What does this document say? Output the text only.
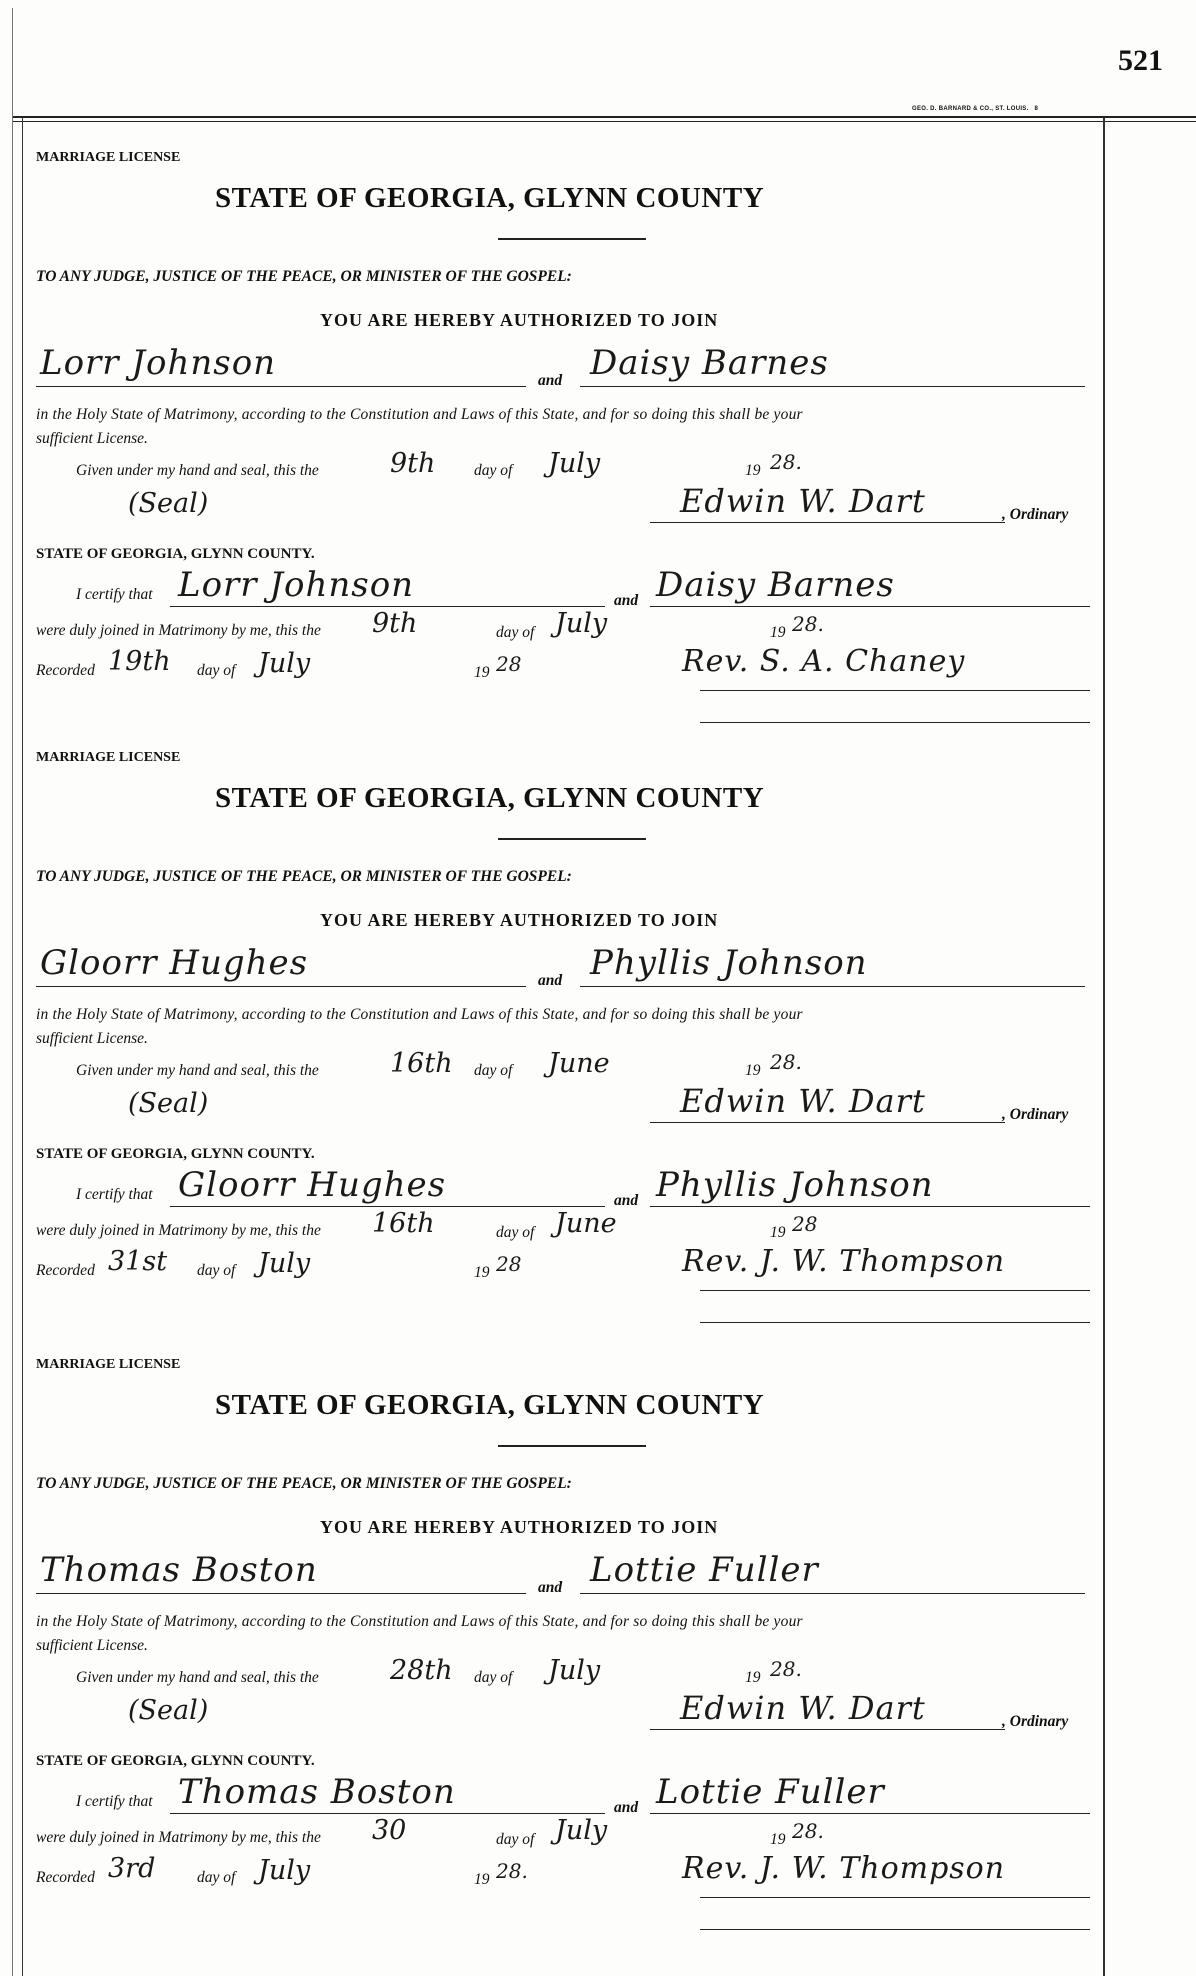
521
GEO. D. BARNARD & CO., ST. LOUIS. 8
MARRIAGE LICENSE
STATE OF GEORGIA, GLYNN COUNTY
TO ANY JUDGE, JUSTICE OF THE PEACE, OR MINISTER OF THE GOSPEL:
YOU ARE HEREBY AUTHORIZED TO JOIN
Lorr Johnson	and Daisy Barnes
in the Holy State of Matrimony, according to the Constitution and Laws of this State, and for so doing this shall be your
sufficient License.
Given under my hand and seal, this the	9th day of July	19 28.
(Seal)	Edwin W. Dart	, Ordinary
STATE OF GEORGIA, GLYNN COUNTY.
I certify that Lorr Johnson	and Daisy Barnes
were duly joined in Matrimony by me, this the 9th	day of July	19 28.
Recorded 19th day of July	19 28	Rev. S. A. Chaney
MARRIAGE LICENSE
STATE OF GEORGIA, GLYNN COUNTY
TO ANY JUDGE, JUSTICE OF THE PEACE, OR MINISTER OF THE GOSPEL:
YOU ARE HEREBY AUTHORIZED TO JOIN
Gloorr Hughes	and Phyllis Johnson
in the Holy State of Matrimony, according to the Constitution and Laws of this State, and for so doing this shall be your
sufficient License.
Given under my hand and seal, this the	16th day of June	19 28.
(Seal)	Edwin W. Dart	, Ordinary
STATE OF GEORGIA, GLYNN COUNTY.
I certify that Gloorr Hughes	and Phyllis Johnson
were duly joined in Matrimony by me, this the 16th	day of June	19 28
Recorded 31st day of July	19 28	Rev. J. W. Thompson
MARRIAGE LICENSE
STATE OF GEORGIA, GLYNN COUNTY
TO ANY JUDGE, JUSTICE OF THE PEACE, OR MINISTER OF THE GOSPEL:
YOU ARE HEREBY AUTHORIZED TO JOIN
Thomas Boston	and Lottie Fuller
in the Holy State of Matrimony, according to the Constitution and Laws of this State, and for so doing this shall be your
sufficient License.
Given under my hand and seal, this the	28th day of July	19 28.
(Seal)	Edwin W. Dart	, Ordinary
STATE OF GEORGIA, GLYNN COUNTY.
I certify that Thomas Boston	and Lottie Fuller
were duly joined in Matrimony by me, this the 30	day of July	19 28.
Recorded 3rd	day of July	19 28.	Rev. J. W. Thompson
